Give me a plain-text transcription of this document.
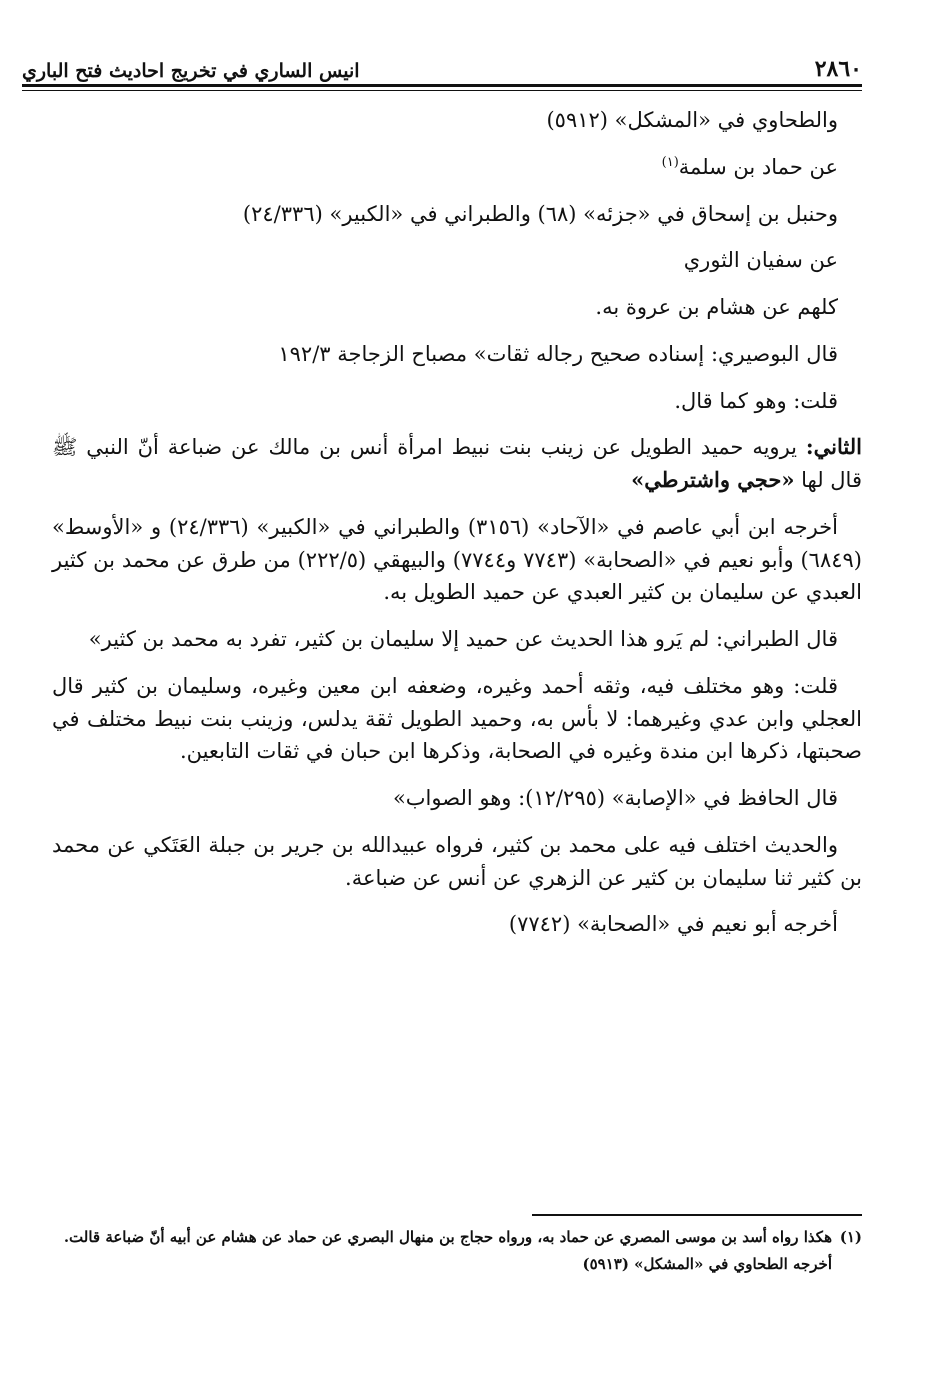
٢٨٦٠
انيس الساري في تخريج احاديث فتح الباري

والطحاوي في «المشكل» (٥٩١٢)

عن حماد بن سلمة$^{(١)}$

وحنبل بن إسحاق في «جزئه» (٦٨) والطبراني في «الكبير» (٢٤/٣٣٦)

عن سفيان الثوري

كلهم عن هشام بن عروة به.

قال البوصيري: إسناده صحيح رجاله ثقات» مصباح الزجاجة ١٩٢/٣

قلت: وهو كما قال.

الثاني: يرويه حميد الطويل عن زينب بنت نبيط امرأة أنس بن مالك عن ضباعة أنّ النبي ﷺ قال لها «حجي واشترطي»

أخرجه ابن أبي عاصم في «الآحاد» (٣١٥٦) والطبراني في «الكبير» (٢٤/٣٣٦) و «الأوسط» (٦٨٤٩) وأبو نعيم في «الصحابة» (٧٧٤٣ و٧٧٤٤) والبيهقي (٢٢٢/٥) من طرق عن محمد بن كثير العبدي عن سليمان بن كثير العبدي عن حميد الطويل به.

قال الطبراني: لم يَرو هذا الحديث عن حميد إلا سليمان بن كثير، تفرد به محمد بن كثير»

قلت: وهو مختلف فيه، وثقه أحمد وغيره، وضعفه ابن معين وغيره، وسليمان بن كثير قال العجلي وابن عدي وغيرهما: لا بأس به، وحميد الطويل ثقة يدلس، وزينب بنت نبيط مختلف في صحبتها، ذكرها ابن مندة وغيره في الصحابة، وذكرها ابن حبان في ثقات التابعين.

قال الحافظ في «الإصابة» (١٢/٢٩٥): وهو الصواب»

والحديث اختلف فيه على محمد بن كثير، فرواه عبيدالله بن جرير بن جبلة العَتَكي عن محمد بن كثير ثنا سليمان بن كثير عن الزهري عن أنس عن ضباعة.

أخرجه أبو نعيم في «الصحابة» (٧٧٤٢)

(١)
هكذا رواه أسد بن موسى المصري عن حماد به، ورواه حجاج بن منهال البصري عن حماد عن هشام عن أبيه أنّ ضباعة قالت.
أخرجه الطحاوي في «المشكل» (٥٩١٣)
